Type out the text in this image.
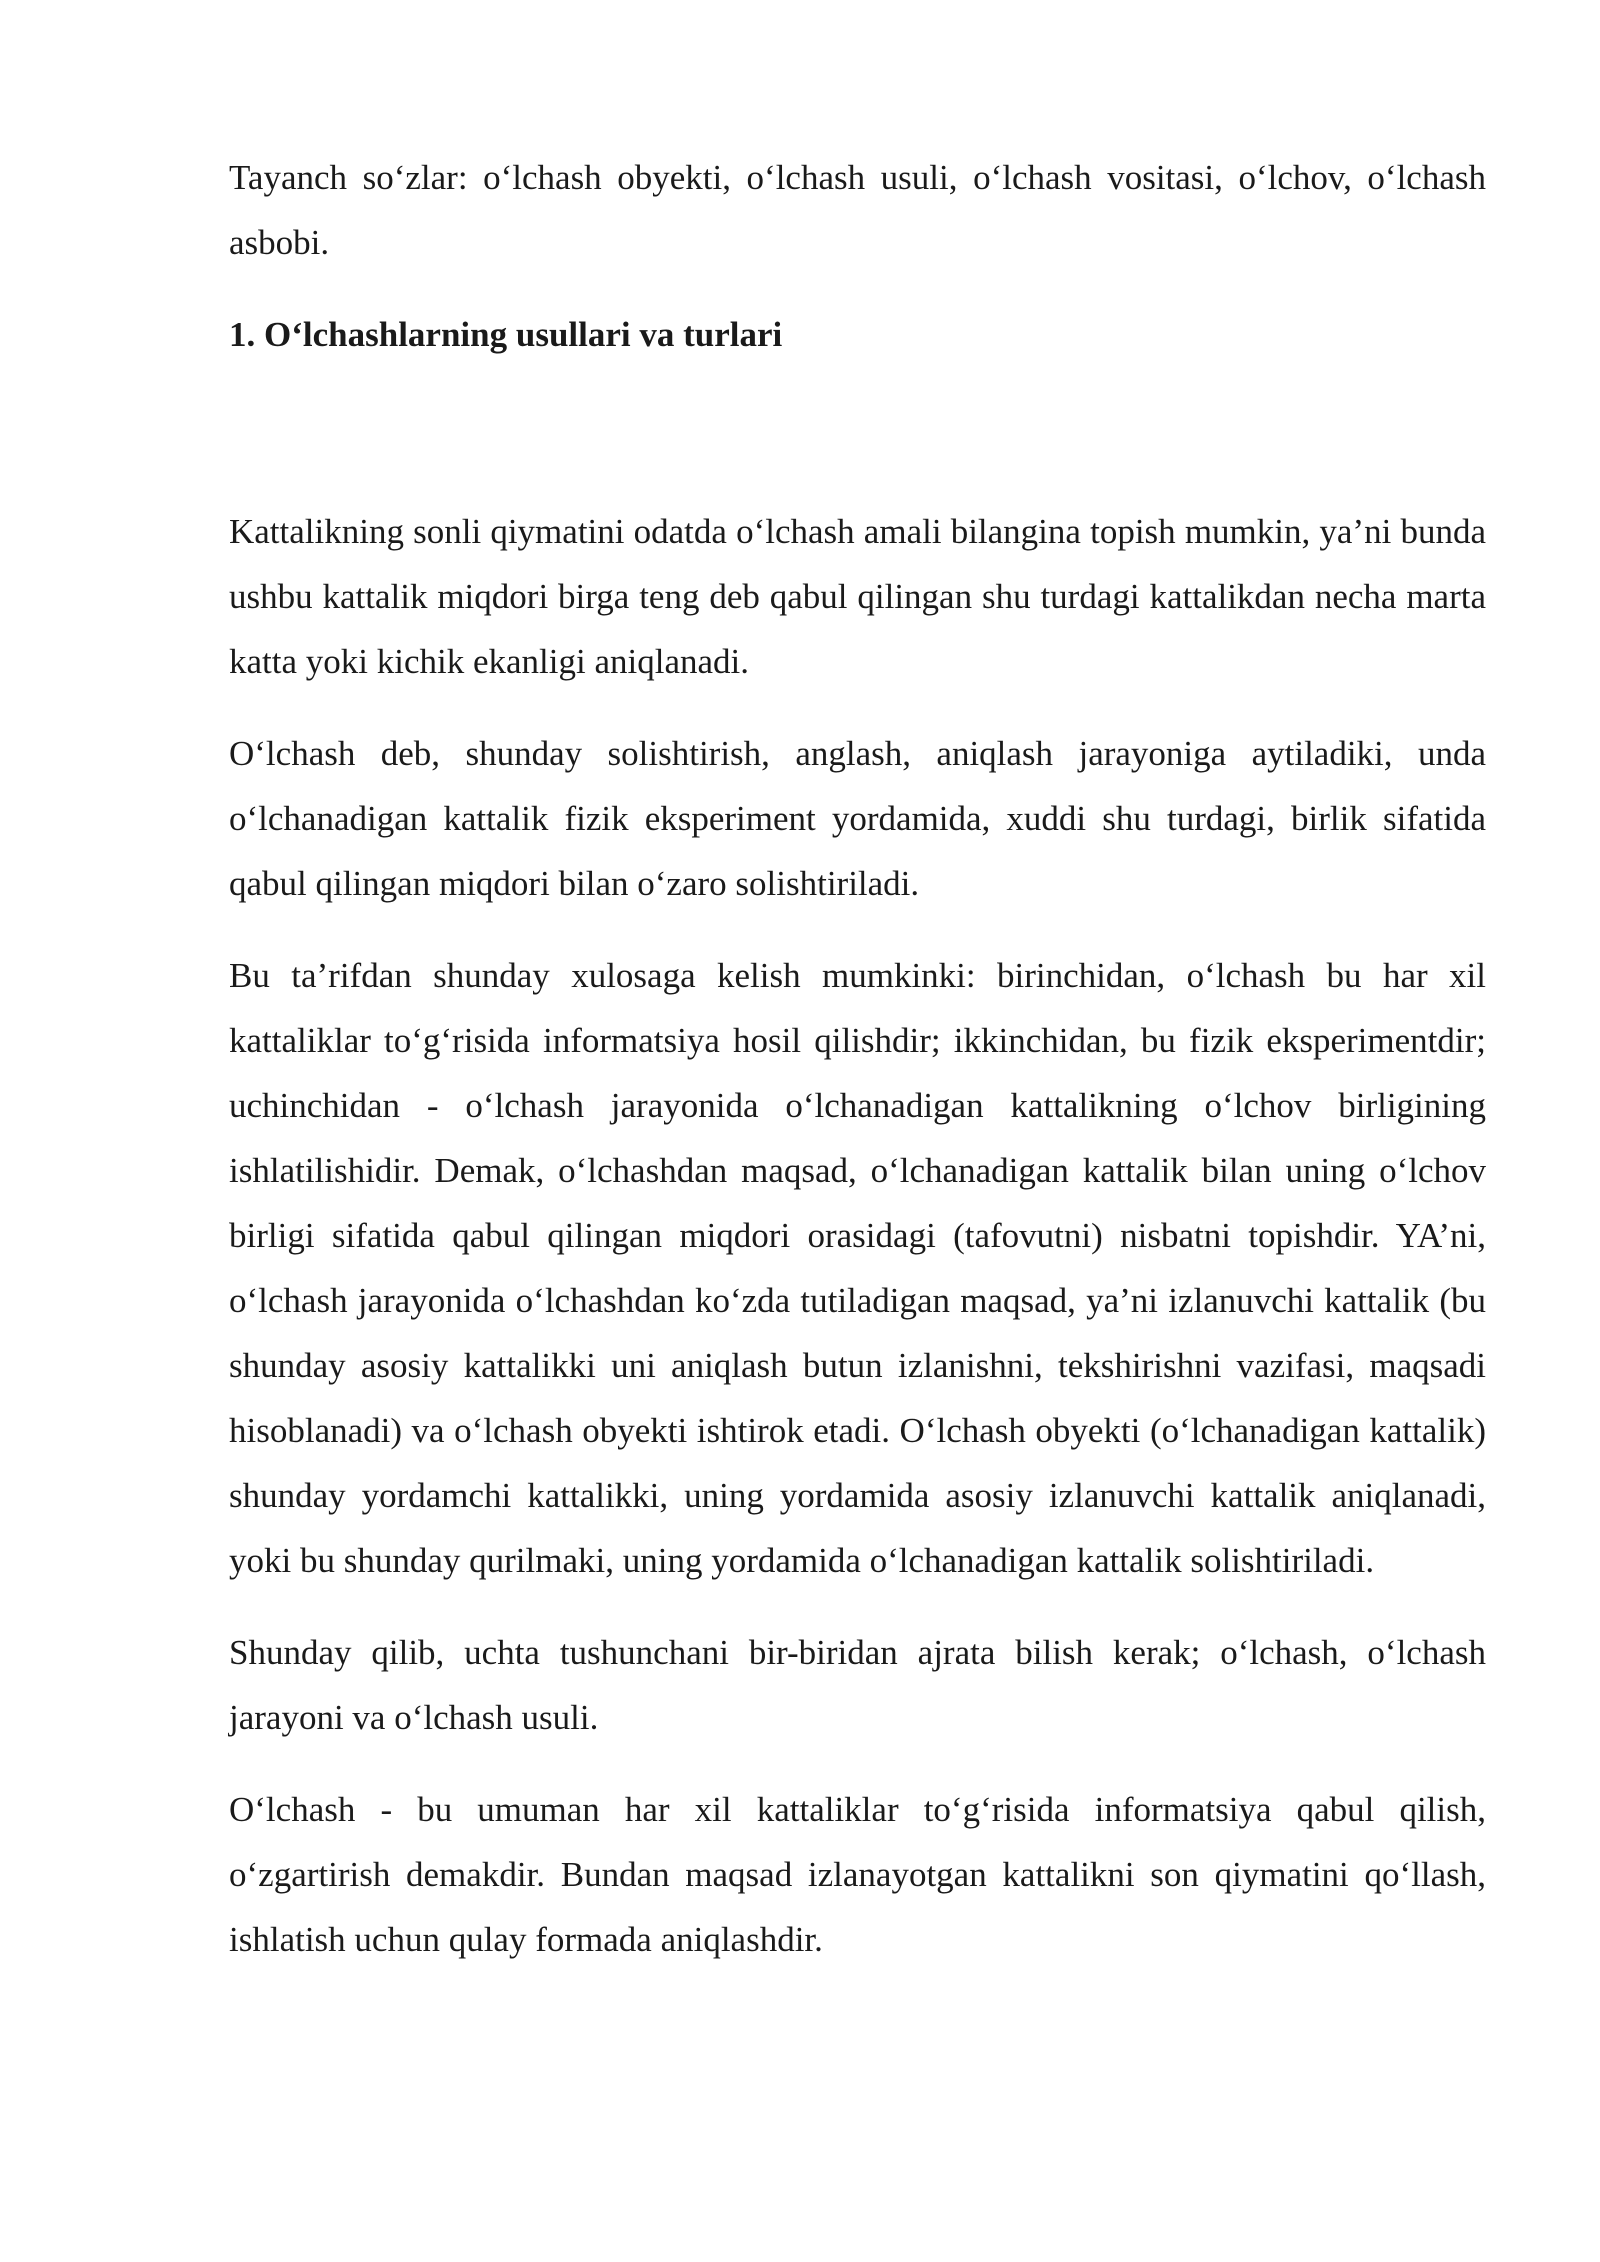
Tayanch so‘zlar: o‘lchash obyekti, o‘lchash usuli, o‘lchash vositasi, o‘lchov, o‘lchash asbobi.

1. O‘lchashlarning usullari va turlari

Kattalikning sonli qiymatini odatda o‘lchash amali bilangina topish mumkin, ya’ni bunda ushbu kattalik miqdori birga teng deb qabul qilingan shu turdagi kattalikdan necha marta katta yoki kichik ekanligi aniqlanadi.

O‘lchash deb, shunday solishtirish, anglash, aniqlash jarayoniga aytiladiki, unda o‘lchanadigan kattalik fizik eksperiment yordamida, xuddi shu turdagi, birlik sifatida qabul qilingan miqdori bilan o‘zaro solishtiriladi.

Bu ta’rifdan shunday xulosaga kelish mumkinki: birinchidan, o‘lchash bu har xil kattaliklar to‘g‘risida informatsiya hosil qilishdir; ikkinchidan, bu fizik eksperimentdir; uchinchidan - o‘lchash jarayonida o‘lchanadigan kattalikning o‘lchov birligining ishlatilishidir. Demak, o‘lchashdan maqsad, o‘lchanadigan kattalik bilan uning o‘lchov birligi sifatida qabul qilingan miqdori orasidagi (tafovutni) nisbatni topishdir. YA’ni, o‘lchash jarayonida o‘lchashdan ko‘zda tutiladigan maqsad, ya’ni izlanuvchi kattalik (bu shunday asosiy kattalikki uni aniqlash butun izlanishni, tekshirishni vazifasi, maqsadi hisoblanadi) va o‘lchash obyekti ishtirok etadi. O‘lchash obyekti (o‘lchanadigan kattalik) shunday yordamchi kattalikki, uning yordamida asosiy izlanuvchi kattalik aniqlanadi, yoki bu shunday qurilmaki, uning yordamida o‘lchanadigan kattalik solishtiriladi.

Shunday qilib, uchta tushunchani bir-biridan ajrata bilish kerak; o‘lchash, o‘lchash jarayoni va o‘lchash usuli.

O‘lchash - bu umuman har xil kattaliklar to‘g‘risida informatsiya qabul qilish, o‘zgartirish demakdir. Bundan maqsad izlanayotgan kattalikni son qiymatini qo‘llash, ishlatish uchun qulay formada aniqlashdir.
